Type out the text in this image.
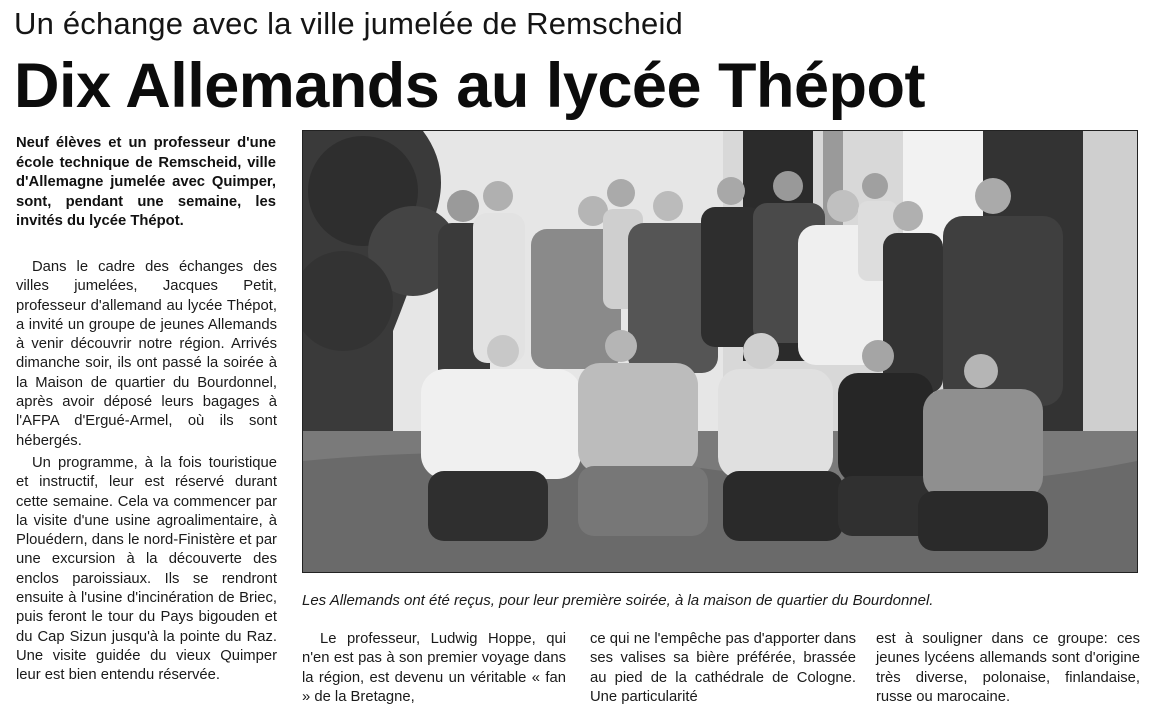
Un échange avec la ville jumelée de Remscheid
Dix Allemands au lycée Thépot
Neuf élèves et un professeur d'une école technique de Remscheid, ville d'Allemagne jumelée avec Quimper, sont, pendant une semaine, les invités du lycée Thépot.

Dans le cadre des échanges des villes jumelées, Jacques Petit, professeur d'allemand au lycée Thépot, a invité un groupe de jeunes Allemands à venir découvrir notre région. Arrivés dimanche soir, ils ont passé la soirée à la Maison de quartier du Bourdonnel, après avoir déposé leurs bagages à l'AFPA d'Ergué-Armel, où ils sont hébergés.

Un programme, à la fois touristique et instructif, leur est réservé durant cette semaine. Cela va commencer par la visite d'une usine agroalimentaire, à Plouédern, dans le nord-Finistère et par une excursion à la découverte des enclos paroissiaux. Ils se rendront ensuite à l'usine d'incinération de Briec, puis feront le tour du Pays bigouden et du Cap Sizun jusqu'à la pointe du Raz. Une visite guidée du vieux Quimper leur est bien entendu réservée.

Les Allemands ont été reçus, pour leur première soirée, à la maison de quartier du Bourdonnel.

Le professeur, Ludwig Hoppe, qui n'en est pas à son premier voyage dans la région, est devenu un véritable « fan » de la Bretagne,

ce qui ne l'empêche pas d'apporter dans ses valises sa bière préférée, brassée au pied de la cathédrale de Cologne. Une particularité

est à souligner dans ce groupe: ces jeunes lycéens allemands sont d'origine très diverse, polonaise, finlandaise, russe ou marocaine.
